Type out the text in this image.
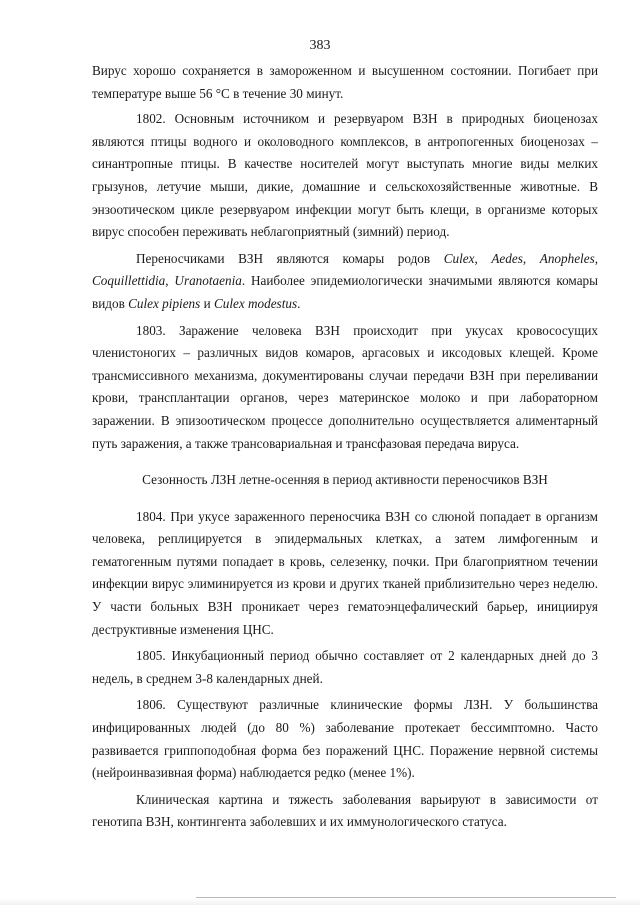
383

Вирус хорошо сохраняется в замороженном и высушенном состоянии. Погибает при температуре выше 56 °С в течение 30 минут.

1802. Основным источником и резервуаром ВЗН в природных биоценозах являются птицы водного и околоводного комплексов, в антропогенных биоценозах – синантропные птицы. В качестве носителей могут выступать многие виды мелких грызунов, летучие мыши, дикие, домашние и сельскохозяйственные животные. В энзоотическом цикле резервуаром инфекции могут быть клещи, в организме которых вирус способен переживать неблагоприятный (зимний) период.

Переносчиками ВЗН являются комары родов Culex, Aedes, Anopheles, Coquillettidia, Uranotaenia. Наиболее эпидемиологически значимыми являются комары видов Culex pipiens и Culex modestus.

1803. Заражение человека ВЗН происходит при укусах кровососущих членистоногих – различных видов комаров, аргасовых и иксодовых клещей. Кроме трансмиссивного механизма, документированы случаи передачи ВЗН при переливании крови, трансплантации органов, через материнское молоко и при лабораторном заражении. В эпизоотическом процессе дополнительно осуществляется алиментарный путь заражения, а также трансовариальная и трансфазовая передача вируса.

Сезонность ЛЗН летне-осенняя в период активности переносчиков ВЗН

1804. При укусе зараженного переносчика ВЗН со слюной попадает в организм человека, реплицируется в эпидермальных клетках, а затем лимфогенным и гематогенным путями попадает в кровь, селезенку, почки. При благоприятном течении инфекции вирус элиминируется из крови и других тканей приблизительно через неделю. У части больных ВЗН проникает через гематоэнцефалический барьер, инициируя деструктивные изменения ЦНС.

1805. Инкубационный период обычно составляет от 2 календарных дней до 3 недель, в среднем 3-8 календарных дней.

1806. Существуют различные клинические формы ЛЗН. У большинства инфицированных людей (до 80 %) заболевание протекает бессимптомно. Часто развивается гриппоподобная форма без поражений ЦНС. Поражение нервной системы (нейроинвазивная форма) наблюдается редко (менее 1%).

Клиническая картина и тяжесть заболевания варьируют в зависимости от генотипа ВЗН, контингента заболевших и их иммунологического статуса.
